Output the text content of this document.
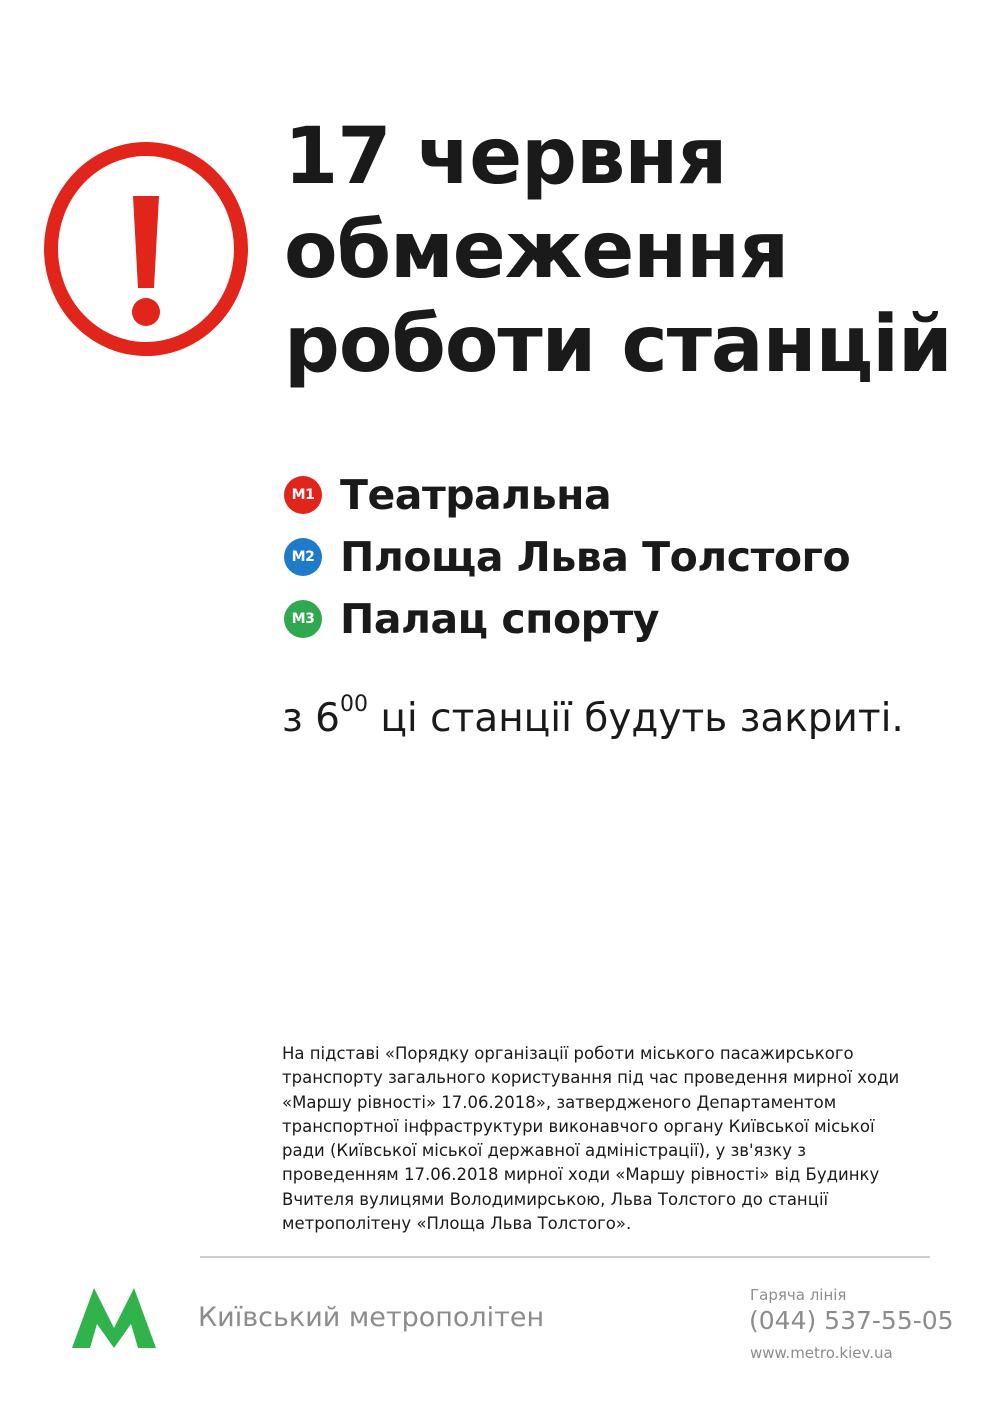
17 червня
обмеження
роботи станцій
M1 Театральна
M2 Площа Льва Толстого
M3 Палац спорту

з $6^{00}$ ці станції будуть закриті.

На підставі «Порядку організації роботи міського пасажирського
транспорту загального користування під час проведення мирної ходи
«Маршу рівності» 17.06.2018», затвердженого Департаментом
транспортної інфраструктури виконавчого органу Київської міської
ради (Київської міської державної адміністрації), у зв'язку з
проведенням 17.06.2018 мирної ходи «Маршу рівності» від Будинку
Вчителя вулицями Володимирською, Льва Толстого до станції
метрополітену «Площа Льва Толстого».

Київський метрополітен

Гаряча лінія

(044) 537-55-05

www.metro.kiev.ua
